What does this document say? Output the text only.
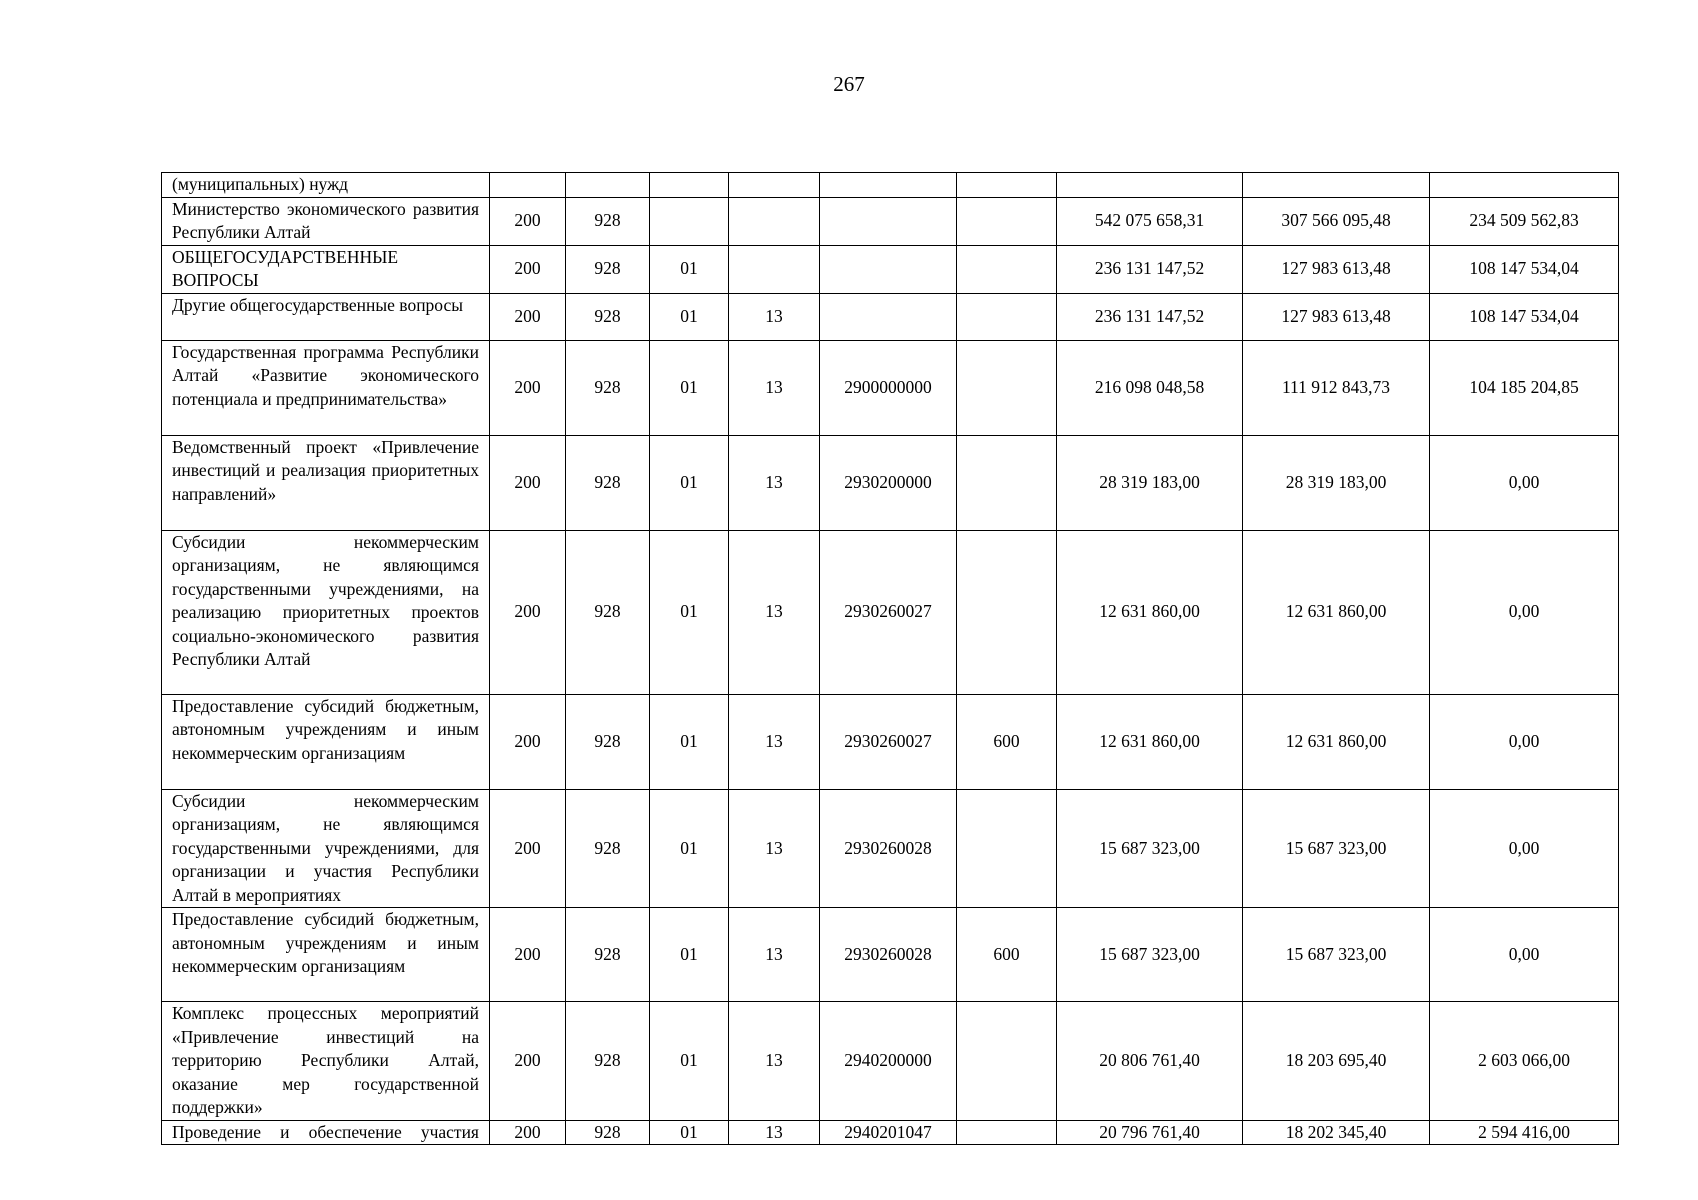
267
(муниципальных) нужд									
Министерство экономического развития Республики Алтай	200	928					542 075 658,31	307 566 095,48	234 509 562,83
ОБЩЕГОСУДАРСТВЕННЫЕ ВОПРОСЫ	200	928	01				236 131 147,52	127 983 613,48	108 147 534,04
Другие общегосударственные вопросы	200	928	01	13			236 131 147,52	127 983 613,48	108 147 534,04
Государственная программа Республики Алтай «Развитие экономического потенциала и предпринимательства»	200	928	01	13	2900000000		216 098 048,58	111 912 843,73	104 185 204,85
Ведомственный проект «Привлечение инвестиций и реализация приоритетных направлений»	200	928	01	13	2930200000		28 319 183,00	28 319 183,00	0,00
Субсидии некоммерческим организациям, не являющимся государственными учреждениями, на реализацию приоритетных проектов социально-экономического развития Республики Алтай	200	928	01	13	2930260027		12 631 860,00	12 631 860,00	0,00
Предоставление субсидий бюджетным, автономным учреждениям и иным некоммерческим организациям	200	928	01	13	2930260027	600	12 631 860,00	12 631 860,00	0,00
Субсидии некоммерческим организациям, не являющимся государственными учреждениями, для организации и участия Республики Алтай в мероприятиях	200	928	01	13	2930260028		15 687 323,00	15 687 323,00	0,00
Предоставление субсидий бюджетным, автономным учреждениям и иным некоммерческим организациям	200	928	01	13	2930260028	600	15 687 323,00	15 687 323,00	0,00
Комплекс процессных мероприятий «Привлечение инвестиций на территорию Республики Алтай, оказание мер государственной поддержки»	200	928	01	13	2940200000		20 806 761,40	18 203 695,40	2 603 066,00
Проведение и обеспечение участия	200	928	01	13	2940201047		20 796 761,40	18 202 345,40	2 594 416,00
